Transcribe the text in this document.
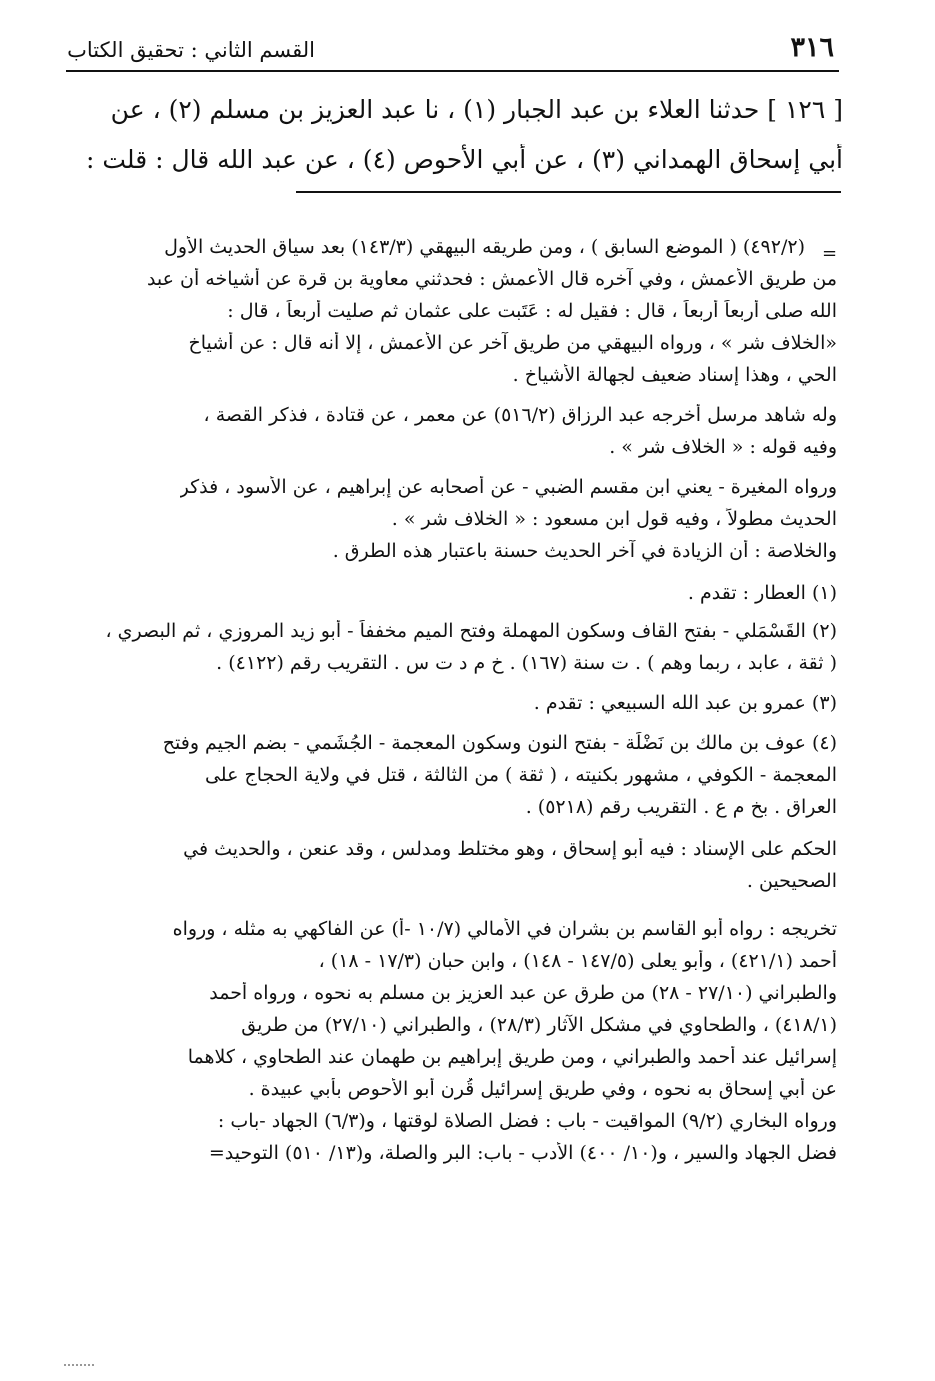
القسم الثاني : تحقيق الكتاب	٣١٦
[ ١٢٦ ] حدثنا العلاء بن عبد الجبار (١) ، نا عبد العزيز بن مسلم (٢) ، عن
أبي إسحاق الهمداني (٣) ، عن أبي الأحوص (٤) ، عن عبد الله قال : قلت :
=
(٤٩٢/٢) ( الموضع السابق ) ، ومن طريقه البيهقي (١٤٣/٣) بعد سياق الحديث الأول
من طريق الأعمش ، وفي آخره قال الأعمش : فحدثني معاوية بن قرة عن أشياخه أن عبد
الله صلى أربعاً أربعاً ، قال : فقيل له : عَتَبت على عثمان ثم صليت أربعاً ، قال :
«الخلاف شر » ، ورواه البيهقي من طريق آخر عن الأعمش ، إلا أنه قال : عن أشياخ
الحي ، وهذا إسناد ضعيف لجهالة الأشياخ .
وله شاهد مرسل أخرجه عبد الرزاق (٥١٦/٢) عن معمر ، عن قتادة ، فذكر القصة ،
وفيه قوله : « الخلاف شر » .
ورواه المغيرة - يعني ابن مقسم الضبي - عن أصحابه عن إبراهيم ، عن الأسود ، فذكر
الحديث مطولاً ، وفيه قول ابن مسعود : « الخلاف شر » .
والخلاصة : أن الزيادة في آخر الحديث حسنة باعتبار هذه الطرق .
(١) العطار : تقدم .
(٢) القَسْمَلي - بفتح القاف وسكون المهملة وفتح الميم مخففاً - أبو زيد المروزي ، ثم البصري ،
( ثقة ، عابد ، ربما وهم ) . ت سنة (١٦٧) . خ م د ت س . التقريب رقم (٤١٢٢) .
(٣) عمرو بن عبد الله السبيعي : تقدم .
(٤) عوف بن مالك بن نَضْلَة - بفتح النون وسكون المعجمة - الجُشَمي - بضم الجيم وفتح
المعجمة - الكوفي ، مشهور بكنيته ، ( ثقة ) من الثالثة ، قتل في ولاية الحجاج على
العراق . بخ م ع . التقريب رقم (٥٢١٨) .
الحكم على الإسناد : فيه أبو إسحاق ، وهو مختلط ومدلس ، وقد عنعن ، والحديث في
الصحيحين .
تخريجه : رواه أبو القاسم بن بشران في الأمالي (١٠/٧ -أ) عن الفاكهي به مثله ، ورواه
أحمد (٤٢١/١) ، وأبو يعلى (١٤٧/٥ - ١٤٨) ، وابن حبان (١٧/٣ - ١٨) ،
والطبراني (٢٧/١٠ - ٢٨) من طرق عن عبد العزيز بن مسلم به نحوه ، ورواه أحمد
(٤١٨/١) ، والطحاوي في مشكل الآثار (٢٨/٣) ، والطبراني (٢٧/١٠) من طريق
إسرائيل عند أحمد والطبراني ، ومن طريق إبراهيم بن طهمان عند الطحاوي ، كلاهما
عن أبي إسحاق به نحوه ، وفي طريق إسرائيل قُرن أبو الأحوص بأبي عبيدة .
ورواه البخاري (٩/٢) المواقيت - باب : فضل الصلاة لوقتها ، و(٦/٣) الجهاد -باب :
فضل الجهاد والسير ، و(١٠/ ٤٠٠) الأدب - باب: البر والصلة، و(١٣/ ٥١٠) التوحيد=
